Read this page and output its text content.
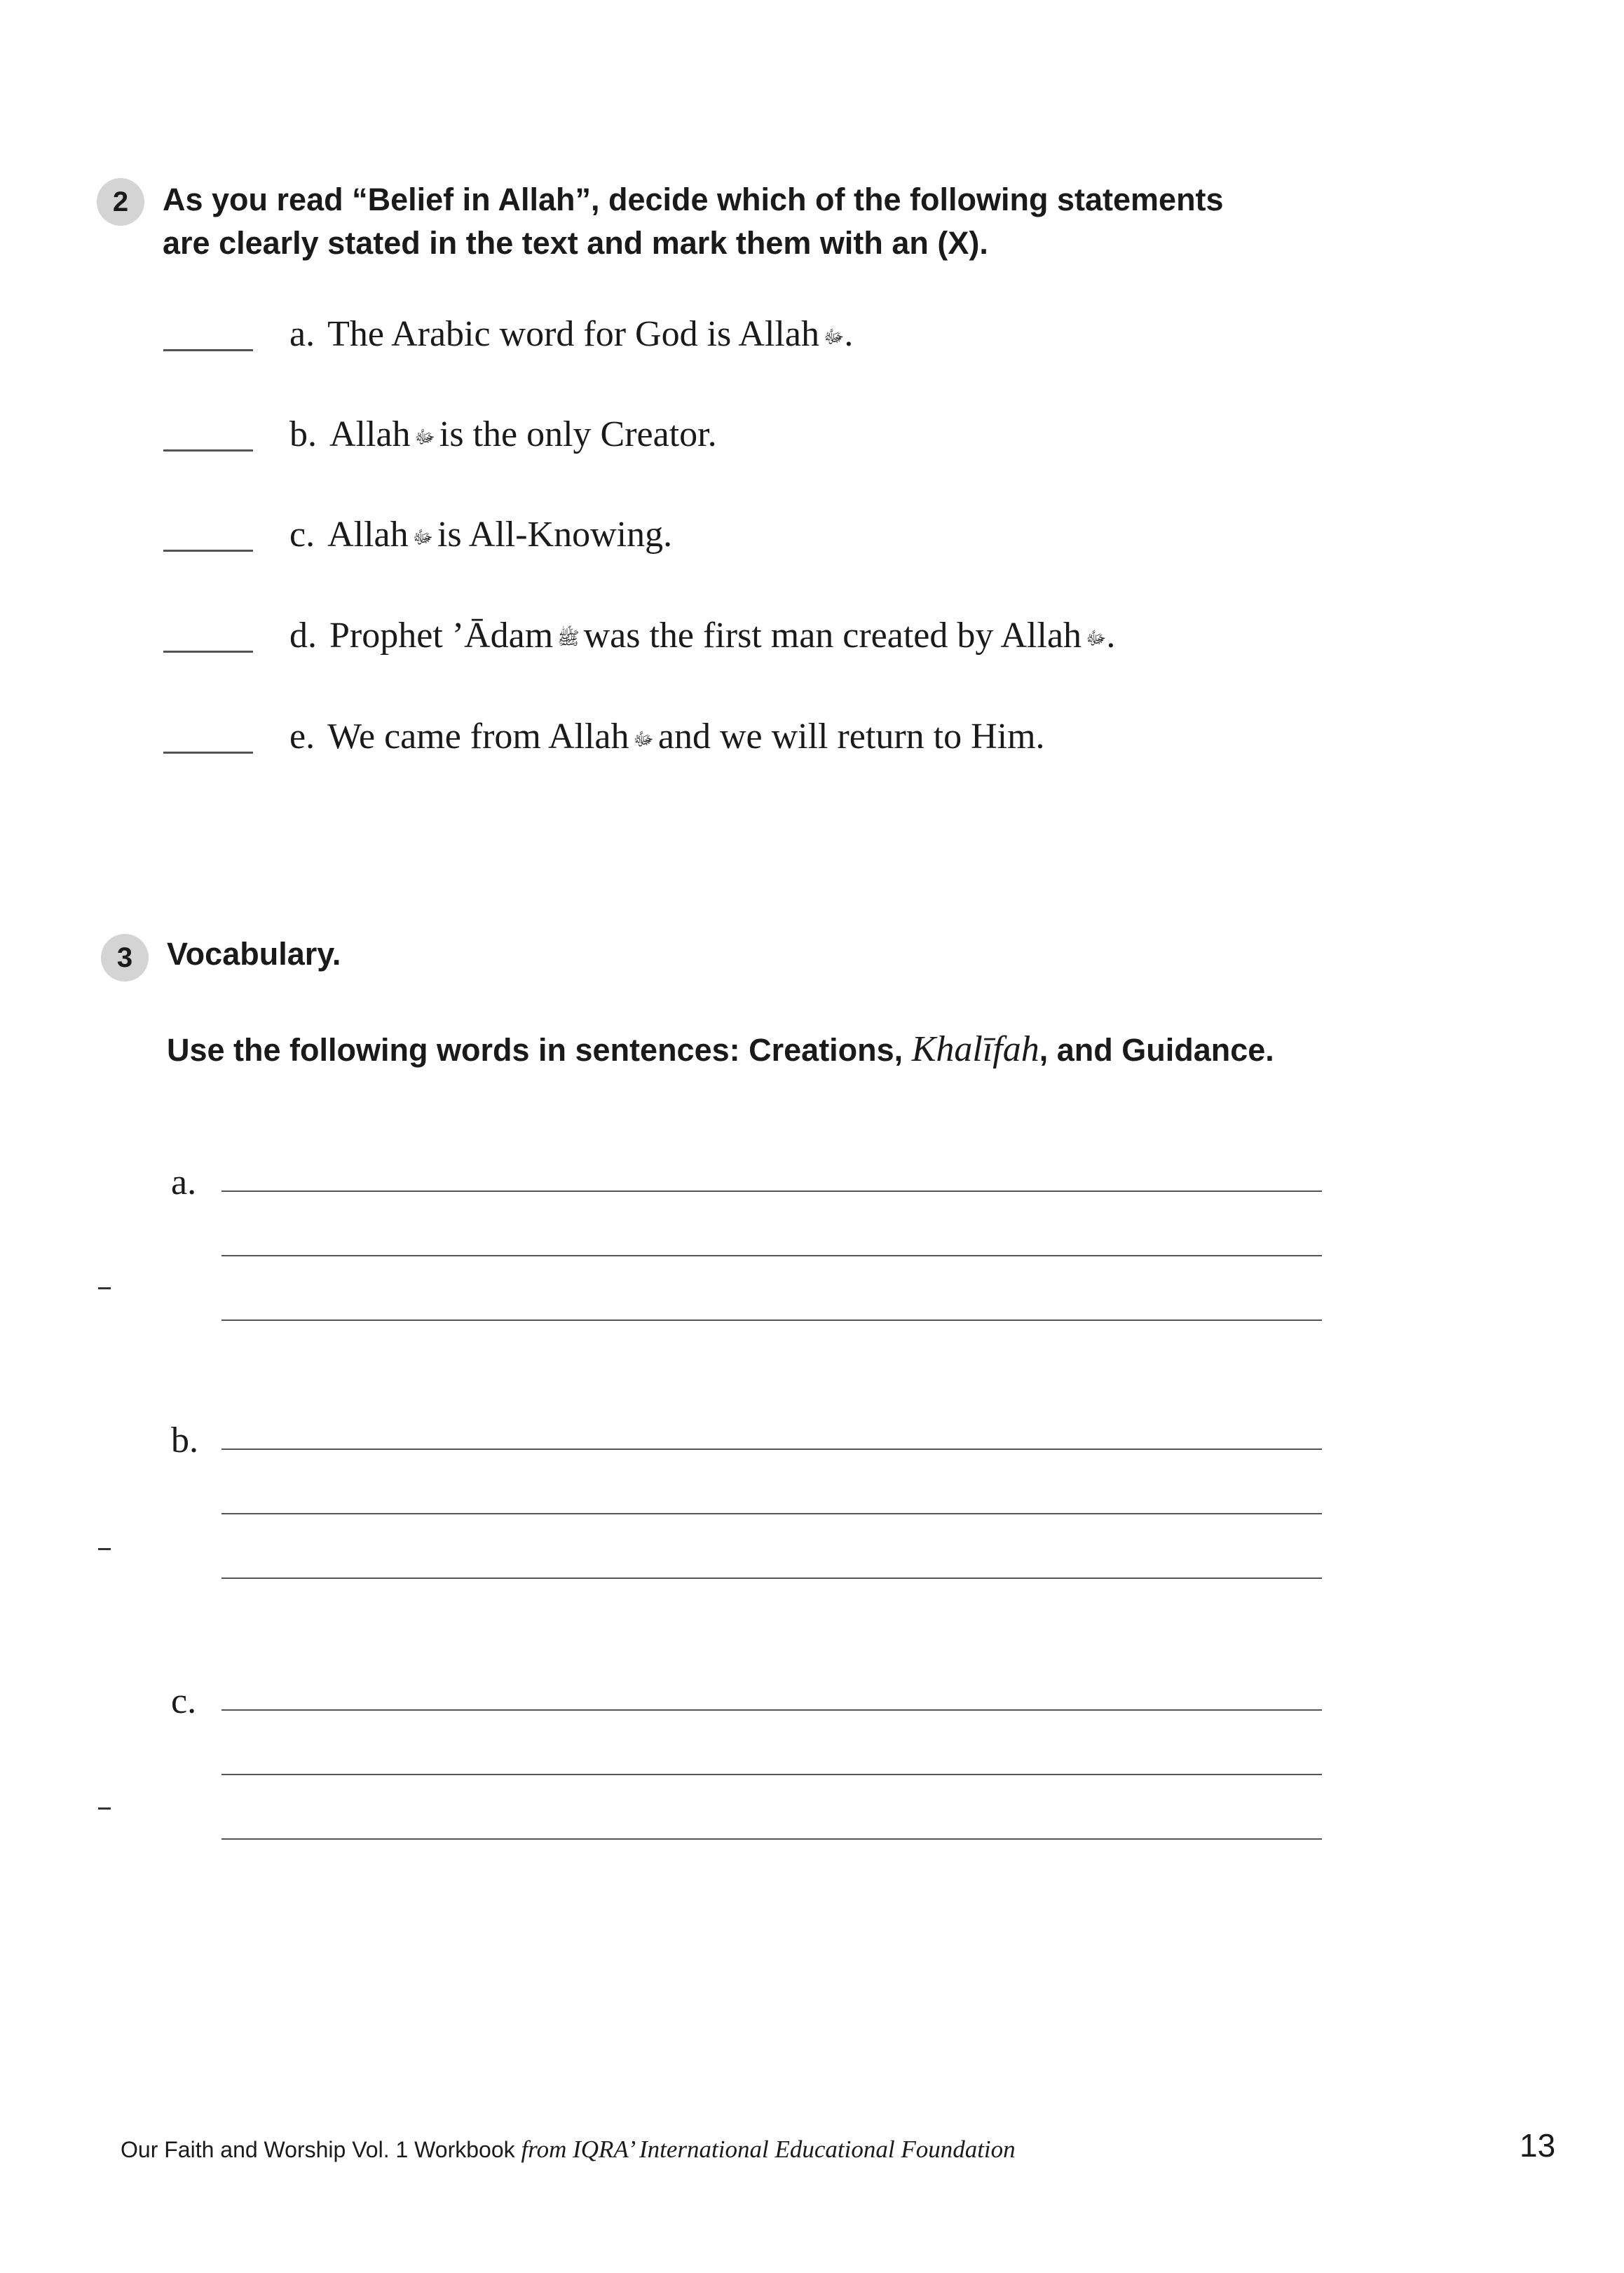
2	As you read “Belief in Allah”, decide which of the following statements
are clearly stated in the text and mark them with an (X).

a. The Arabic word for God is Allah ﷻ.
b. Allah ﷻ is the only Creator.
c. Allah ﷻ is All-Knowing.
d. Prophet ’Ādam ﷺ was the first man created by Allah ﷻ.
e. We came from Allah ﷻ and we will return to Him.
3	Vocabulary.

Use the following words in sentences: Creations, Khalīfah, and Guidance.

a.
b.
c.
Our Faith and Worship Vol. 1 Workbook from IQRA’ International Educational Foundation	13
